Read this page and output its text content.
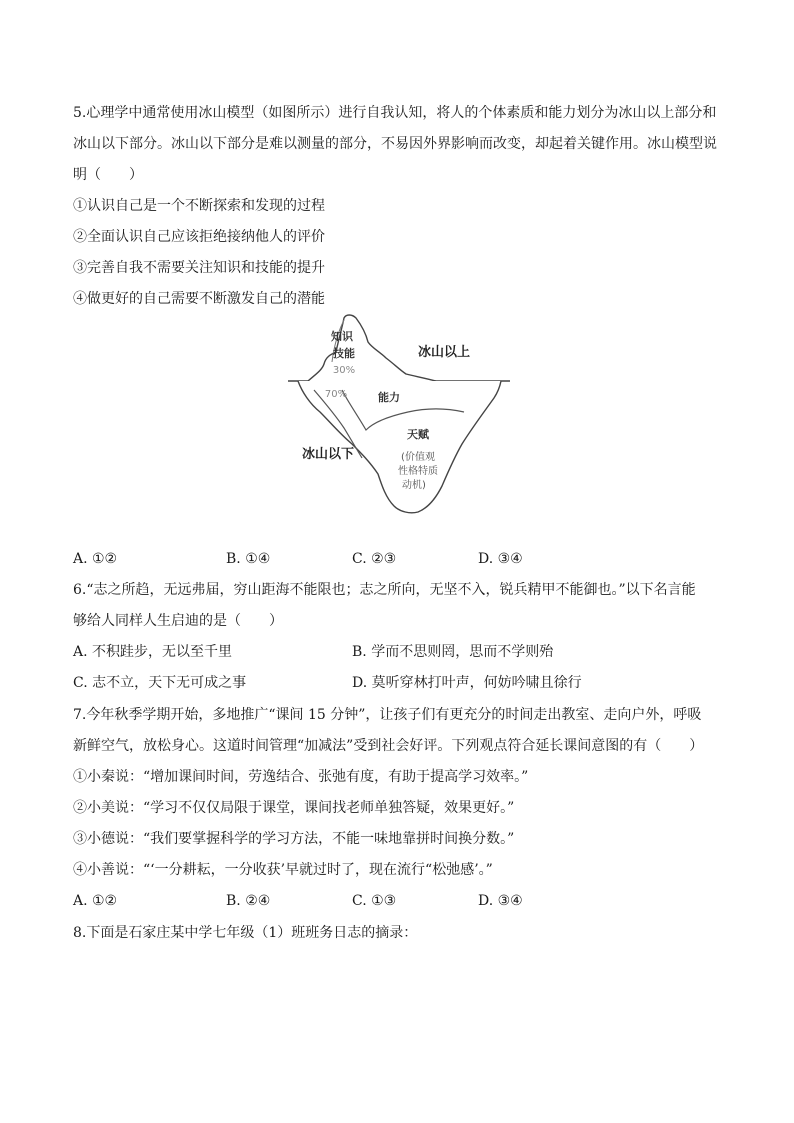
5.心理学中通常使用冰山模型（如图所示）进行自我认知，将人的个体素质和能力划分为冰山以上部分和
冰山以下部分。冰山以下部分是难以测量的部分，不易因外界影响而改变，却起着关键作用。冰山模型说
明（　　）
①认识自己是一个不断探索和发现的过程
②全面认识自己应该拒绝接纳他人的评价
③完善自我不需要关注知识和技能的提升
④做更好的自己需要不断激发自己的潜能
知识
技能
30%
冰山以上
70%	能力
冰山以下
天赋
(价值观
性格特质
动机)
A. ①②	B. ①④	C. ②③	D. ③④
6.“志之所趋，无远弗届，穷山距海不能限也；志之所向，无坚不入，锐兵精甲不能御也。”以下名言能
够给人同样人生启迪的是（　　）
A. 不积跬步，无以至千里	B. 学而不思则罔，思而不学则殆
C. 志不立，天下无可成之事	D. 莫听穿林打叶声，何妨吟啸且徐行
7.今年秋季学期开始，多地推广“课间 15 分钟”，让孩子们有更充分的时间走出教室、走向户外，呼吸
新鲜空气，放松身心。这道时间管理“加减法”受到社会好评。下列观点符合延长课间意图的有（　　）
①小秦说：“增加课间时间，劳逸结合、张弛有度，有助于提高学习效率。”
②小美说：“学习不仅仅局限于课堂，课间找老师单独答疑，效果更好。”
③小德说：“我们要掌握科学的学习方法，不能一味地靠拼时间换分数。”
④小善说：“‘一分耕耘，一分收获’早就过时了，现在流行“松弛感’。”
A. ①②	B. ②④	C. ①③	D. ③④
8.下面是石家庄某中学七年级（1）班班务日志的摘录：
